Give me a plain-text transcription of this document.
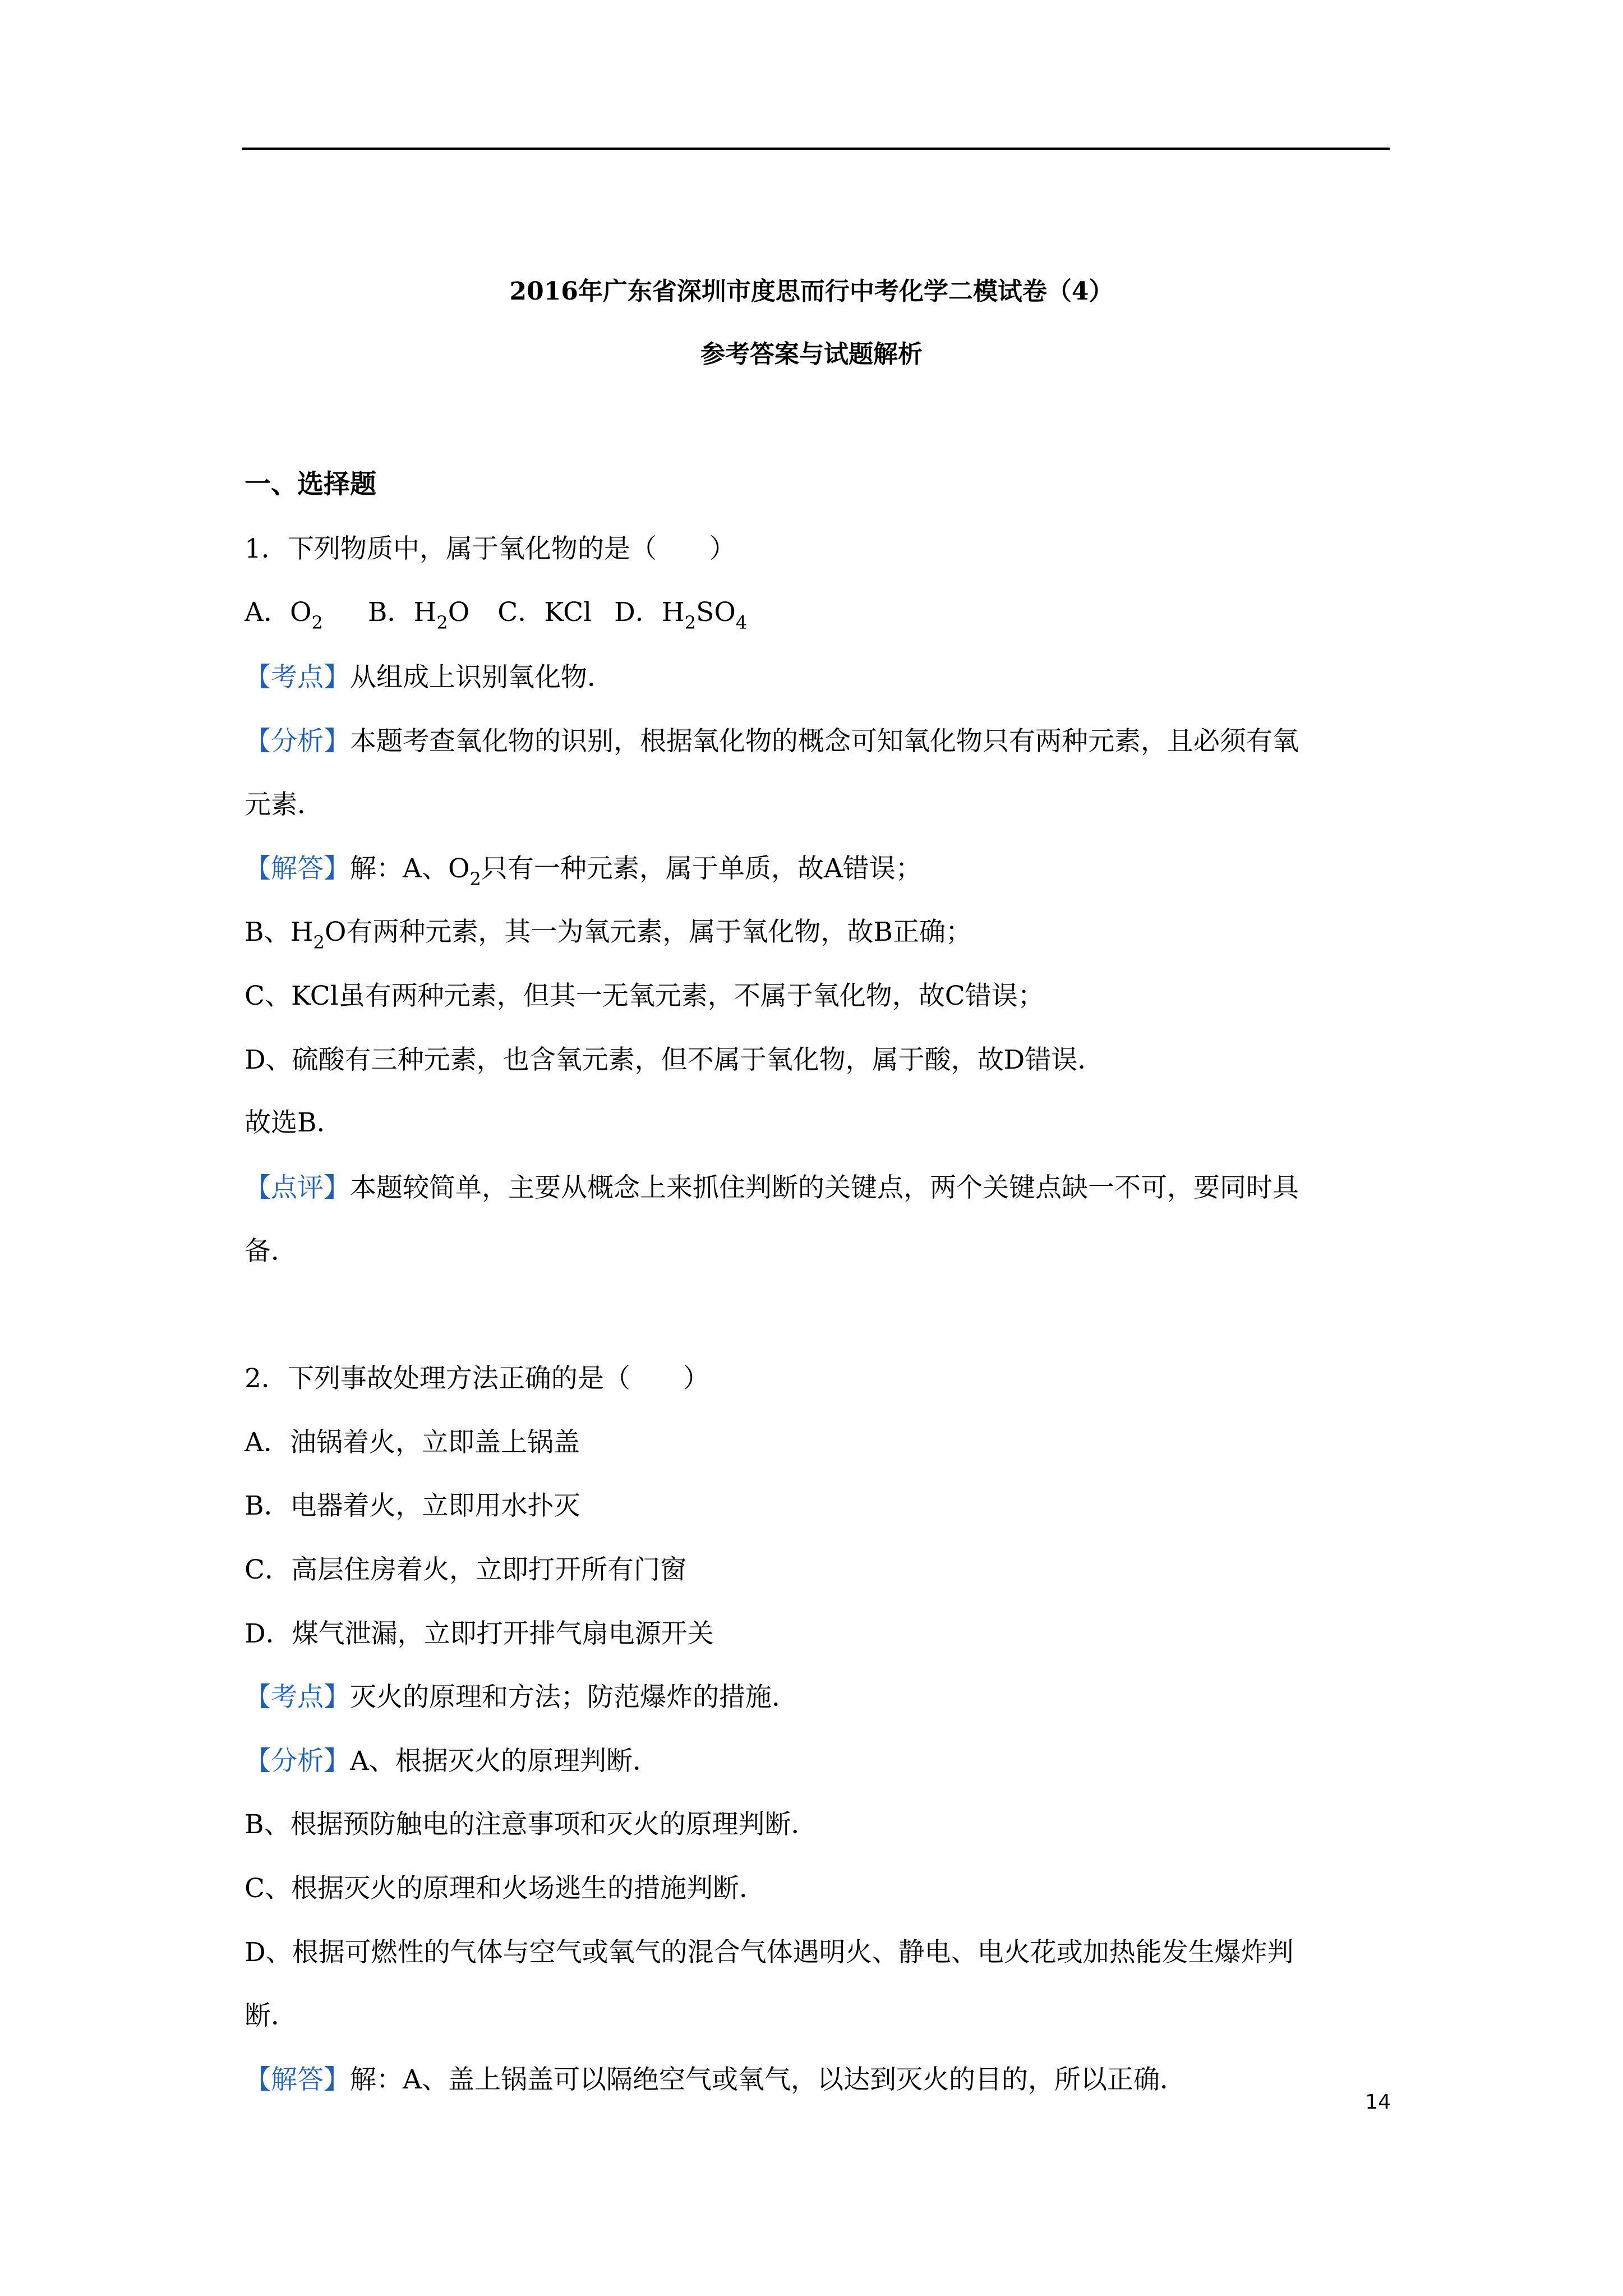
2016年广东省深圳市度思而行中考化学二模试卷（4）
参考答案与试题解析
一、选择题
1．下列物质中，属于氧化物的是（　　）
A．$O_2$ B．$H_2O$ C．KCl D．$H_2SO_4$
【考点】从组成上识别氧化物．
【分析】本题考查氧化物的识别，根据氧化物的概念可知氧化物只有两种元素，且必须有氧
元素．
【解答】解：A、$O_2$只有一种元素，属于单质，故A错误；
B、$H_2O$有两种元素，其一为氧元素，属于氧化物，故B正确；
C、KCl虽有两种元素，但其一无氧元素，不属于氧化物，故C错误；
D、硫酸有三种元素，也含氧元素，但不属于氧化物，属于酸，故D错误．
故选B．
【点评】本题较简单，主要从概念上来抓住判断的关键点，两个关键点缺一不可，要同时具
备．
2．下列事故处理方法正确的是（　　）
A．油锅着火，立即盖上锅盖
B．电器着火，立即用水扑灭
C．高层住房着火，立即打开所有门窗
D．煤气泄漏，立即打开排气扇电源开关
【考点】灭火的原理和方法；防范爆炸的措施．
【分析】A、根据灭火的原理判断．
B、根据预防触电的注意事项和灭火的原理判断．
C、根据灭火的原理和火场逃生的措施判断．
D、根据可燃性的气体与空气或氧气的混合气体遇明火、静电、电火花或加热能发生爆炸判
断．
【解答】解：A、盖上锅盖可以隔绝空气或氧气，以达到灭火的目的，所以正确．
14
